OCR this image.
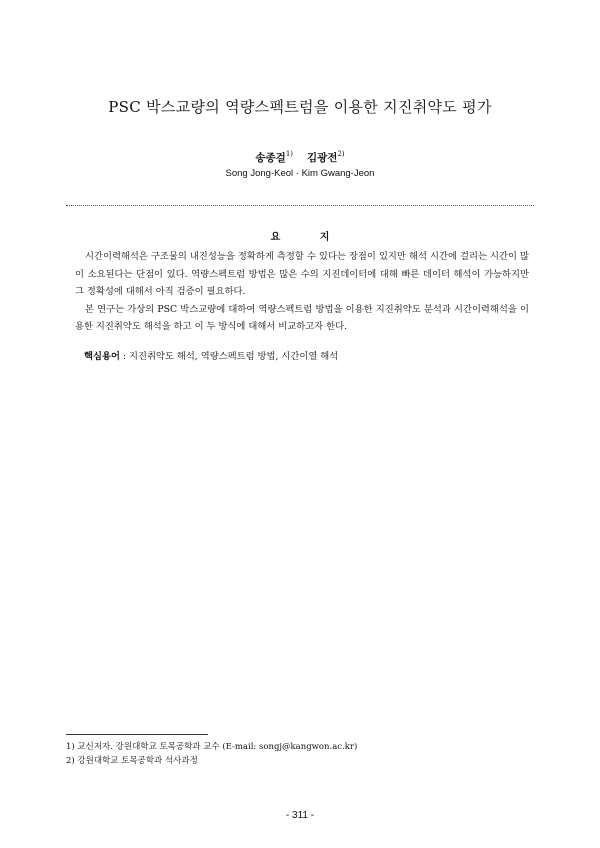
PSC 박스교량의 역량스펙트럼을 이용한 지진취약도 평가
송종걸$^{1)}$ 김광전$^{2)}$
Song Jong-Keol · Kim Gwang-Jeon
요 지

시간이력해석은 구조물의 내진성능을 정확하게 측정할 수 있다는 장점이 있지만 해석 시간에 걸리는 시간이 많이 소요된다는 단점이 있다. 역량스펙트럼 방법은 많은 수의 지진데이터에 대해 빠른 데이터 해석이 가능하지만 그 정확성에 대해서 아직 검증이 필요하다.

본 연구는 가상의 PSC 박스교량에 대하여 역량스펙트럼 방법을 이용한 지진취약도 분석과 시간이력해석을 이용한 지진취약도 해석을 하고 이 두 방식에 대해서 비교하고자 한다.

핵심용어 : 지진취약도 해석, 역량스펙트럼 방법, 시간이열 해석
1) 교신저자. 강원대학교 토목공학과 교수 (E-mail: songj@kangwon.ac.kr)
2) 강원대학교 토목공학과 석사과정
- 311 -
